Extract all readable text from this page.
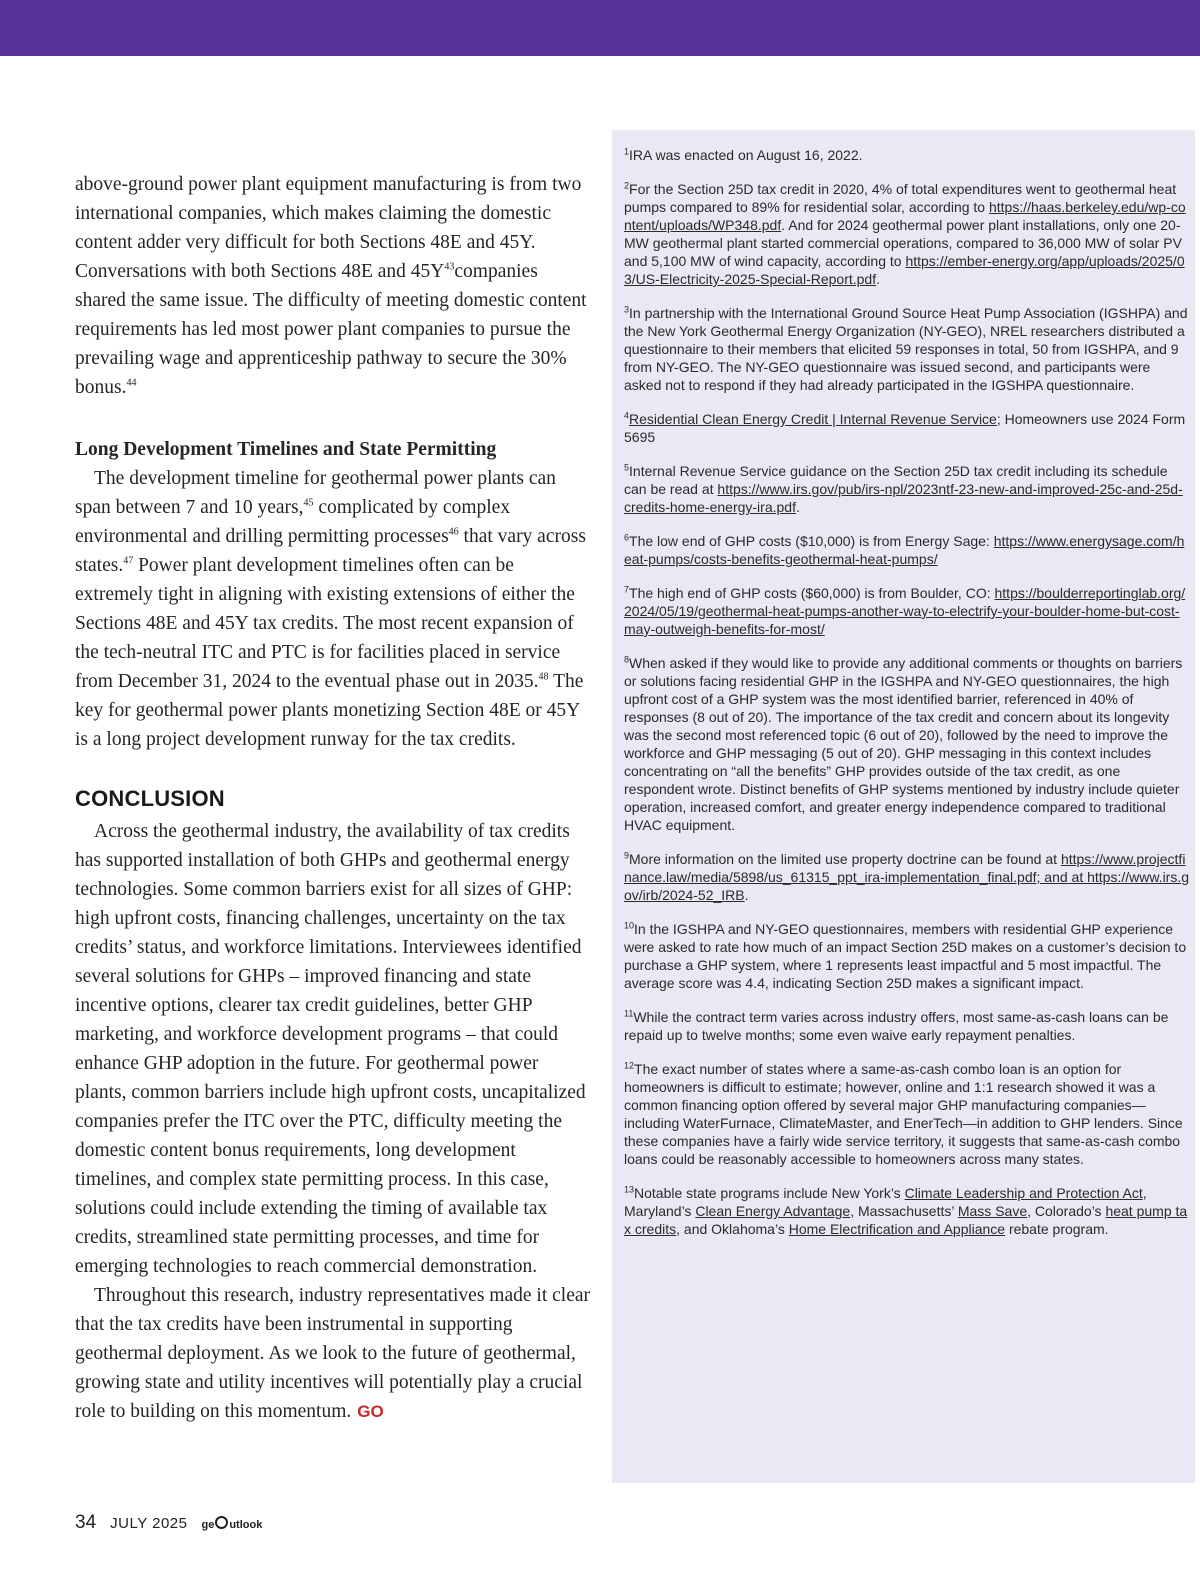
above-ground power plant equipment manufacturing is from two international companies, which makes claiming the domestic content adder very difficult for both Sections 48E and 45Y. Conversations with both Sections 48E and $45Y^{43}companies$ shared the same issue. The difficulty of meeting domestic content requirements has led most power plant companies to pursue the prevailing wage and apprenticeship pathway to secure the 30% bonus.$^{44}$

Long Development Timelines and State Permitting

The development timeline for geothermal power plants can span between 7 and 10 years,$^{45}$ complicated by complex environmental and drilling permitting processes$^{46}$ that vary across states.$^{47}$ Power plant development timelines often can be extremely tight in aligning with existing extensions of either the Sections 48E and 45Y tax credits. The most recent expansion of the tech-neutral ITC and PTC is for facilities placed in service from December 31, 2024 to the eventual phase out in 2035.48 The key for geothermal power plants monetizing Section 48E or 45Y is a long project development runway for the tax credits.

CONCLUSION

Across the geothermal industry, the availability of tax credits has supported installation of both GHPs and geothermal energy technologies. Some common barriers exist for all sizes of GHP: high upfront costs, financing challenges, uncertainty on the tax credits’ status, and workforce limitations. Interviewees identified several solutions for GHPs – improved financing and state incentive options, clearer tax credit guidelines, better GHP marketing, and workforce development programs – that could enhance GHP adoption in the future. For geothermal power plants, common barriers include high upfront costs, uncapitalized companies prefer the ITC over the PTC, difficulty meeting the domestic content bonus requirements, long development timelines, and complex state permitting process. In this case, solutions could include extending the timing of available tax credits, streamlined state permitting processes, and time for emerging technologies to reach commercial demonstration.

Throughout this research, industry representatives made it clear that the tax credits have been instrumental in supporting geothermal deployment. As we look to the future of geothermal, growing state and utility incentives will potentially play a crucial role to building on this momentum. GO

$^1$IRA was enacted on August 16, 2022.

$^2$For the Section 25D tax credit in 2020, 4% of total expenditures went to geothermal heat pumps compared to 89% for residential solar, according to https://haas.berkeley.edu/wp-content/uploads/WP348.pdf. And for 2024 geothermal power plant installations, only one 20-MW geothermal plant started commercial operations, compared to 36,000 MW of solar PV and 5,100 MW of wind capacity, according to https://ember-energy.org/app/uploads/2025/03/US-Electricity-2025-Special-Report.pdf.

$^3$In partnership with the International Ground Source Heat Pump Association (IGSHPA) and the New York Geothermal Energy Organization (NY-GEO), NREL researchers distributed a questionnaire to their members that elicited 59 responses in total, 50 from IGSHPA, and 9 from NY-GEO. The NY-GEO questionnaire was issued second, and participants were asked not to respond if they had already participated in the IGSHPA questionnaire.

$^4$Residential Clean Energy Credit | Internal Revenue Service; Homeowners use 2024 Form 5695

$^5$Internal Revenue Service guidance on the Section 25D tax credit including its schedule can be read at https://www.irs.gov/pub/irs-npl/2023ntf-23-new-and-improved-25c-and-25d-credits-home-energy-ira.pdf.

$^6$The low end of GHP costs ($10,000) is from Energy Sage: https://www.energysage.com/heat-pumps/costs-benefits-geothermal-heat-pumps/

$^7$The high end of GHP costs ($60,000) is from Boulder, CO: https://boulderreportinglab.org/2024/05/19/geothermal-heat-pumps-another-way-to-electrify-your-boulder-home-but-cost-may-outweigh-benefits-for-most/

$^8$When asked if they would like to provide any additional comments or thoughts on barriers or solutions facing residential GHP in the IGSHPA and NY-GEO questionnaires, the high upfront cost of a GHP system was the most identified barrier, referenced in 40% of responses (8 out of 20). The importance of the tax credit and concern about its longevity was the second most referenced topic (6 out of 20), followed by the need to improve the workforce and GHP messaging (5 out of 20). GHP messaging in this context includes concentrating on “all the benefits” GHP provides outside of the tax credit, as one respondent wrote. Distinct benefits of GHP systems mentioned by industry include quieter operation, increased comfort, and greater energy independence compared to traditional HVAC equipment.

$^9$More information on the limited use property doctrine can be found at https://www.projectfinance.law/media/5898/us_61315_ppt_ira-implementation_final.pdf; and at https://www.irs.gov/irb/2024-52_IRB.

$^{10}$In the IGSHPA and NY-GEO questionnaires, members with residential GHP experience were asked to rate how much of an impact Section 25D makes on a customer’s decision to purchase a GHP system, where 1 represents least impactful and 5 most impactful. The average score was 4.4, indicating Section 25D makes a significant impact.

$^{11}$While the contract term varies across industry offers, most same-as-cash loans can be repaid up to twelve months; some even waive early repayment penalties.

$^{12}$The exact number of states where a same-as-cash combo loan is an option for homeowners is difficult to estimate; however, online and 1:1 research showed it was a common financing option offered by several major GHP manufacturing companies—including WaterFurnace, ClimateMaster, and EnerTech—in addition to GHP lenders. Since these companies have a fairly wide service territory, it suggests that same-as-cash combo loans could be reasonably accessible to homeowners across many states.

$^{13}$Notable state programs include New York’s Climate Leadership and Protection Act, Maryland’s Clean Energy Advantage, Massachusetts’ Mass Save, Colorado’s heat pump tax credits, and Oklahoma’s Home Electrification and Appliance rebate program.

34 JULY 2025 ge utlook
